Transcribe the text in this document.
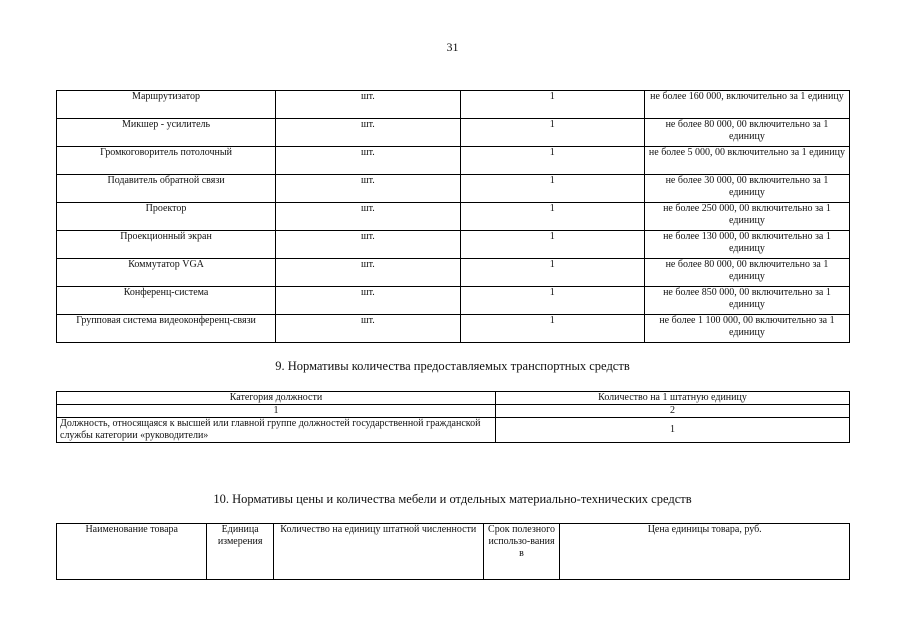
31
Маршрутизатор	шт.	1	не более 160 000, включительно за 1 единицу
Микшер - усилитель	шт.	1	не более 80 000, 00 включительно за 1 единицу
Громкоговоритель потолочный	шт.	1	не более 5 000, 00 включительно за 1 единицу
Подавитель обратной связи	шт.	1	не более 30 000, 00 включительно за 1 единицу
Проектор	шт.	1	не более 250 000, 00 включительно за 1 единицу
Проекционный экран	шт.	1	не более 130 000, 00 включительно за 1 единицу
Коммутатор VGA	шт.	1	не более 80 000, 00 включительно за 1 единицу
Конференц-система	шт.	1	не более 850 000, 00 включительно за 1 единицу
Групповая система видеоконференц-связи	шт.	1	не более 1 100 000, 00 включительно за 1 единицу
9. Нормативы количества предоставляемых транспортных средств
Категория должности	Количество на 1 штатную единицу
1	2
Должность, относящаяся к высшей или главной группе должностей государственной гражданской службы категории «руководители»	1
10. Нормативы цены и количества мебели и отдельных материально-технических средств
Наименование товара	Единица измерения	Количество на единицу штатной численности	Срок полезного использо-вания в	Цена единицы товара, руб.
